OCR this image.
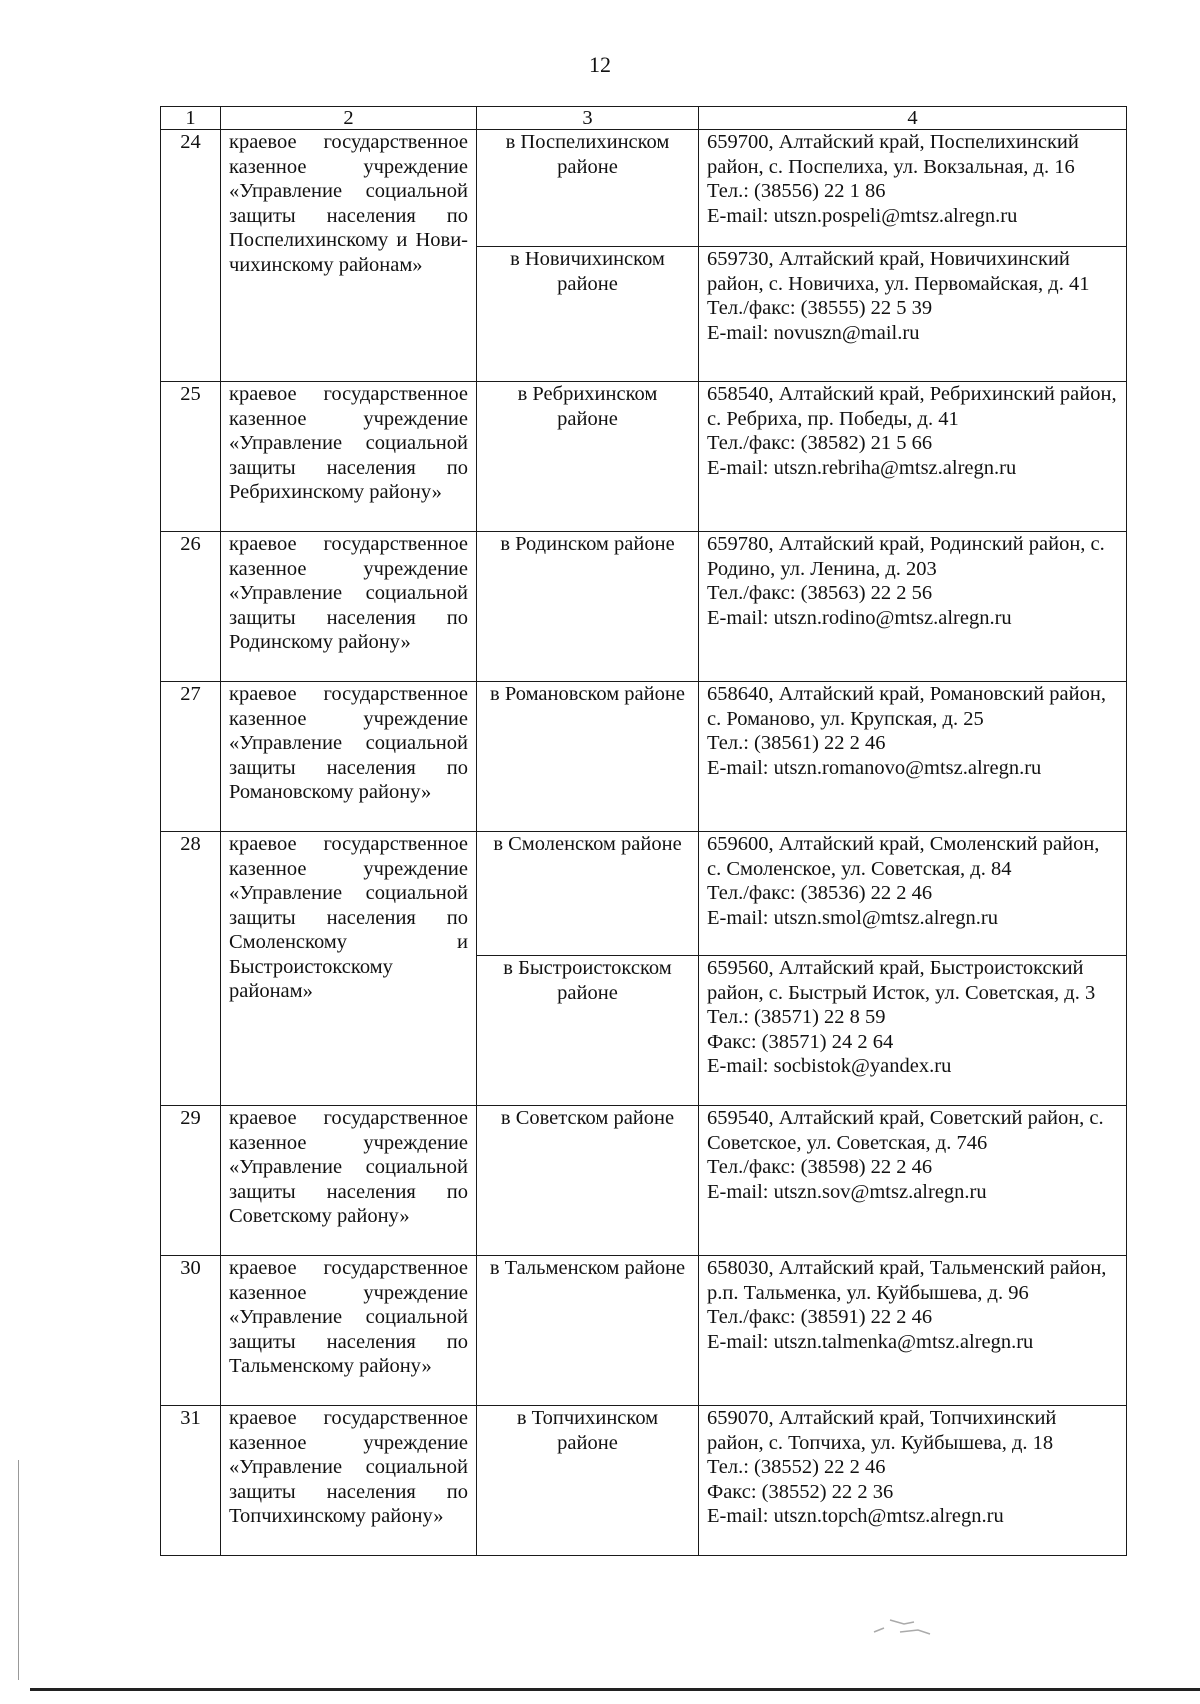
12
1	2	3	4
24	краевое государственное казенное учреждение «Управление социальной защиты населения по Поспелихинскому и Новичихинскому районам»	в Поспелихинском районе	659700, Алтайский край, Поспелихинский район, с. Поспелиха, ул. Вокзальная, д. 16
Тел.: (38556) 22 1 86
E-mail: utszn.pospeli@mtsz.alregn.ru
		в Новичихинском районе	659730, Алтайский край, Новичихинский район, с. Новичиха, ул. Первомайская, д. 41
Тел./факс: (38555) 22 5 39
E-mail: novuszn@mail.ru
25	краевое государственное казенное учреждение «Управление социальной защиты населения по Ребрихинскому району»	в Ребрихинском районе	658540, Алтайский край, Ребрихинский район, с. Ребриха, пр. Победы, д. 41
Тел./факс: (38582) 21 5 66
E-mail: utszn.rebriha@mtsz.alregn.ru
26	краевое государственное казенное учреждение «Управление социальной защиты населения по Родинскому району»	в Родинском районе	659780, Алтайский край, Родинский район, с. Родино, ул. Ленина, д. 203
Тел./факс: (38563) 22 2 56
E-mail: utszn.rodino@mtsz.alregn.ru
27	краевое государственное казенное учреждение «Управление социальной защиты населения по Романовскому району»	в Романовском районе	658640, Алтайский край, Романовский район, с. Романово, ул. Крупская, д. 25
Тел.: (38561) 22 2 46
E-mail: utszn.romanovo@mtsz.alregn.ru
28	краевое государственное казенное учреждение «Управление социальной защиты населения по Смоленскому и Быстроистокскому районам»	в Смоленском районе	659600, Алтайский край, Смоленский район, с. Смоленское, ул. Советская, д. 84
Тел./факс: (38536) 22 2 46
E-mail: utszn.smol@mtsz.alregn.ru
		в Быстроистокском районе	659560, Алтайский край, Быстроистокский район, с. Быстрый Исток, ул. Советская, д. 3
Тел.: (38571) 22 8 59
Факс: (38571) 24 2 64
E-mail: socbistok@yandex.ru
29	краевое государственное казенное учреждение «Управление социальной защиты населения по Советскому району»	в Советском районе	659540, Алтайский край, Советский район, с. Советское, ул. Советская, д. 746
Тел./факс: (38598) 22 2 46
E-mail: utszn.sov@mtsz.alregn.ru
30	краевое государственное казенное учреждение «Управление социальной защиты населения по Тальменскому району»	в Тальменском районе	658030, Алтайский край, Тальменский район, р.п. Тальменка, ул. Куйбышева, д. 96
Тел./факс: (38591) 22 2 46
E-mail: utszn.talmenka@mtsz.alregn.ru
31	краевое государственное казенное учреждение «Управление социальной защиты населения по Топчихинскому району»	в Топчихинском районе	659070, Алтайский край, Топчихинский район, с. Топчиха, ул. Куйбышева, д. 18
Тел.: (38552) 22 2 46
Факс: (38552) 22 2 36
E-mail: utszn.topch@mtsz.alregn.ru
